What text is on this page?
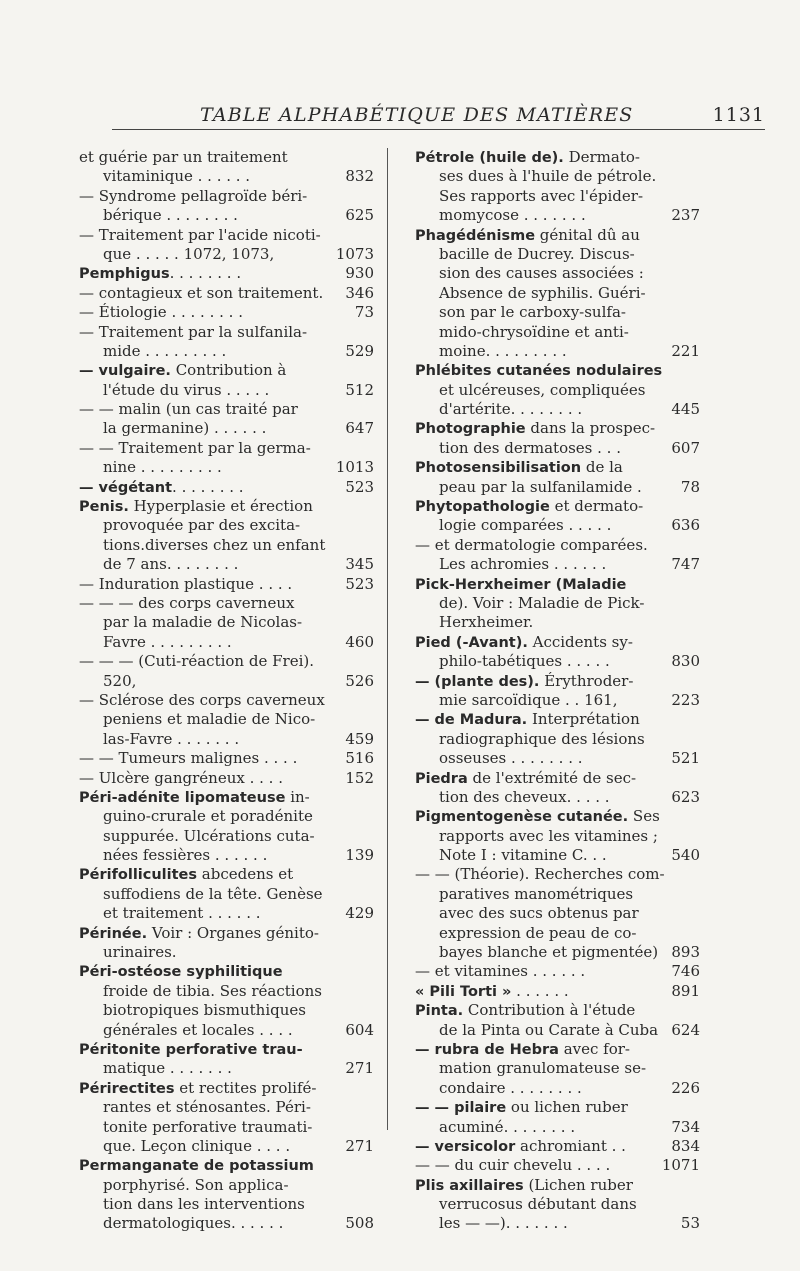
TABLE ALPHABÉTIQUE DES MATIÈRES	1131
et guérie par un traitement
vitaminique . . . . . .
— Syndrome pellagroïde béri-
bérique . . . . . . . .
— Traitement par l'acide nicoti-
que . . . . . 1072, 1073,
Pemphigus. . . . . . . .
— contagieux et son traitement.
— Étiologie . . . . . . . .
— Traitement par la sulfanila-
mide . . . . . . . . .
— vulgaire. Contribution à
l'étude du virus . . . . .
— — malin (un cas traité par
la germanine) . . . . . .
— — Traitement par la germa-
nine . . . . . . . . .
— végétant. . . . . . . .
Penis. Hyperplasie et érection
provoquée par des excita-
tions.diverses chez un enfant
de 7 ans. . . . . . . .
— Induration plastique . . . .
— — — des corps caverneux
par la maladie de Nicolas-
Favre . . . . . . . . .
— — — (Cuti-réaction de Frei).
520,
— Sclérose des corps caverneux
peniens et maladie de Nico-
las-Favre . . . . . . .
— — Tumeurs malignes . . . .
— Ulcère gangréneux . . . .
Péri-adénite lipomateuse in-
guino-crurale et poradénite
suppurée. Ulcérations cuta-
nées fessières . . . . . .
Périfolliculites abcedens et
suffodiens de la tête. Genèse
et traitement . . . . . .
Périnée. Voir : Organes génito-
urinaires.
Péri-ostéose syphilitique
froide de tibia. Ses réactions
biotropiques bismuthiques
générales et locales . . . .
Péritonite perforative trau-
matique . . . . . . .
Périrectites et rectites prolifé-
rantes et sténosantes. Péri-
tonite perforative traumati-
que. Leçon clinique . . . .
Permanganate de potassium
porphyrisé. Son applica-
tion dans les interventions
dermatologiques. . . . . .

832

625

1073
930
346
73

529

512

647

1013
523

345
523

460

526

459
516
152

139

429

604

271

271

508
Pétrole (huile de). Dermato-
ses dues à l'huile de pétrole.
Ses rapports avec l'épider-
momycose . . . . . . .
Phagédénisme génital dû au
bacille de Ducrey. Discus-
sion des causes associées :
Absence de syphilis. Guéri-
son par le carboxy-sulfa-
mido-chrysoïdine et anti-
moine. . . . . . . . .
Phlébites cutanées nodulaires
et ulcéreuses, compliquées
d'artérite. . . . . . . .
Photographie dans la prospec-
tion des dermatoses . . .
Photosensibilisation de la
peau par la sulfanilamide .
Phytopathologie et dermato-
logie comparées . . . . .
— et dermatologie comparées.
Les achromies . . . . . .
Pick-Herxheimer (Maladie
de). Voir : Maladie de Pick-
Herxheimer.
Pied (-Avant). Accidents sy-
philo-tabétiques . . . . .
— (plante des). Érythroder-
mie sarcoïdique . . 161,
— de Madura. Interprétation
radiographique des lésions
osseuses . . . . . . . .
Piedra de l'extrémité de sec-
tion des cheveux. . . . .
Pigmentogenèse cutanée. Ses
rapports avec les vitamines ;
Note I : vitamine C. . .
— — (Théorie). Recherches com-
paratives manométriques
avec des sucs obtenus par
expression de peau de co-
bayes blanche et pigmentée)
— et vitamines . . . . . .
« Pili Torti » . . . . . .
Pinta. Contribution à l'étude
de la Pinta ou Carate à Cuba
— rubra de Hebra avec for-
mation granulomateuse se-
condaire . . . . . . . .
— — pilaire ou lichen ruber
acuminé. . . . . . . .
— versicolor achromiant . .
— — du cuir chevelu . . . .
Plis axillaires (Lichen ruber
verrucosus débutant dans
les — —). . . . . . .

237

221

445

607

78

636

747

830

223

521

623

540

893
746
891

624

226

734
834
1071

53
